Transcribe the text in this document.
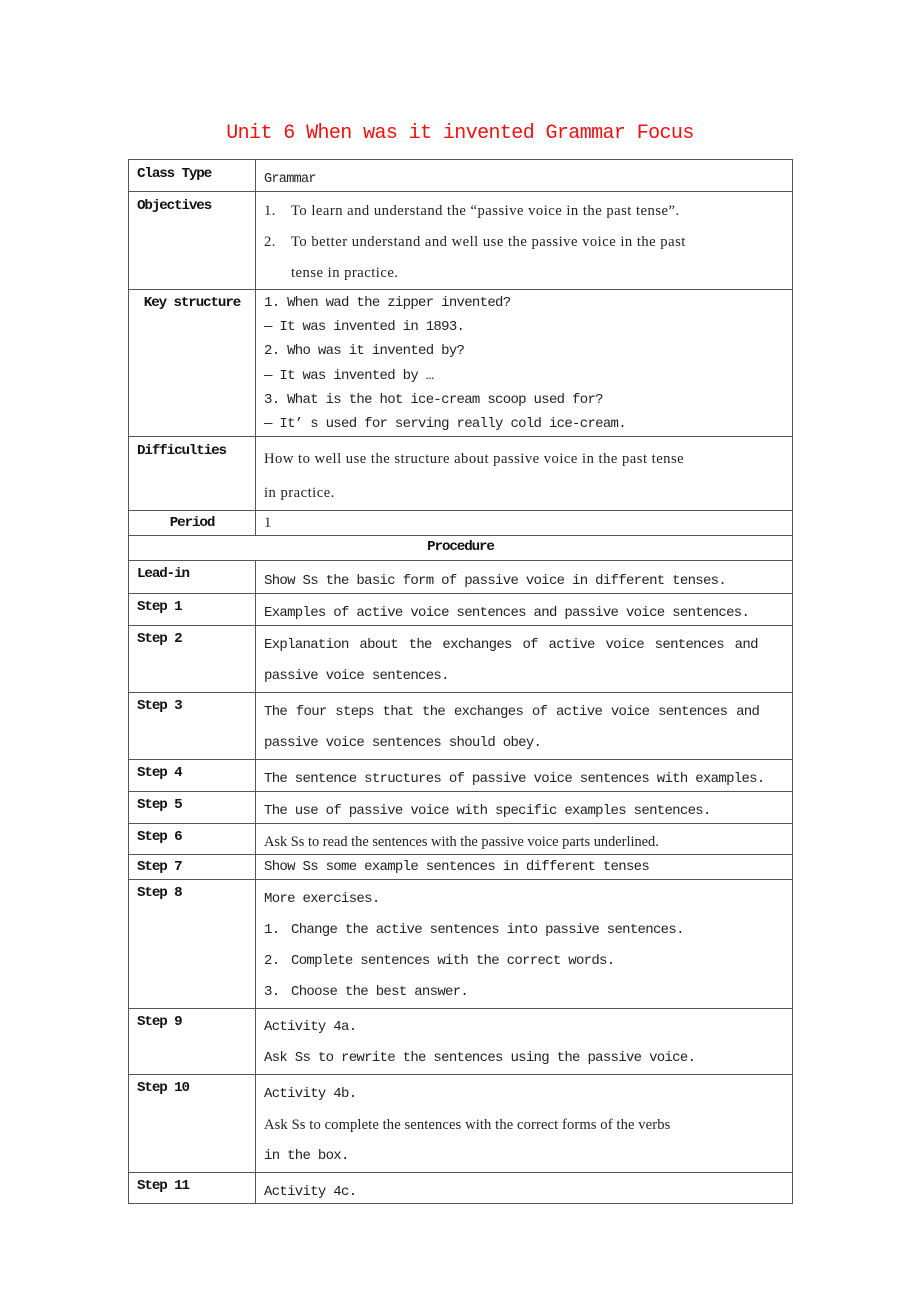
Unit 6 When was it invented Grammar Focus
Class Type	Grammar

Objectives	1. To learn and understand the “passive voice in the past tense”.
2. To better understand and well use the passive voice in the past
tense in practice.

Key structure	1. When wad the zipper invented?
— It was invented in 1893.
2. Who was it invented by?
— It was invented by …
3. What is the hot ice-cream scoop used for?
— It’ s used for serving really cold ice-cream.

Difficulties	How to well use the structure about passive voice in the past tense
in practice.

Period	1

Procedure	

Lead-in	Show Ss the basic form of passive voice in different tenses.

Step 1	Examples of active voice sentences and passive voice sentences.

Step 2	Explanation about the exchanges of active voice sentences and
passive voice sentences.

Step 3	The four steps that the exchanges of active voice sentences and
passive voice sentences should obey.

Step 4	The sentence structures of passive voice sentences with examples.

Step 5	The use of passive voice with specific examples sentences.

Step 6	Ask Ss to read the sentences with the passive voice parts underlined.

Step 7	Show Ss some example sentences in different tenses

Step 8	More exercises.
1. Change the active sentences into passive sentences.
2. Complete sentences with the correct words.
3. Choose the best answer.

Step 9	Activity 4a.
Ask Ss to rewrite the sentences using the passive voice.

Step 10	Activity 4b.
Ask Ss to complete the sentences with the correct forms of the verbs
in the box.

Step 11	Activity 4c.
